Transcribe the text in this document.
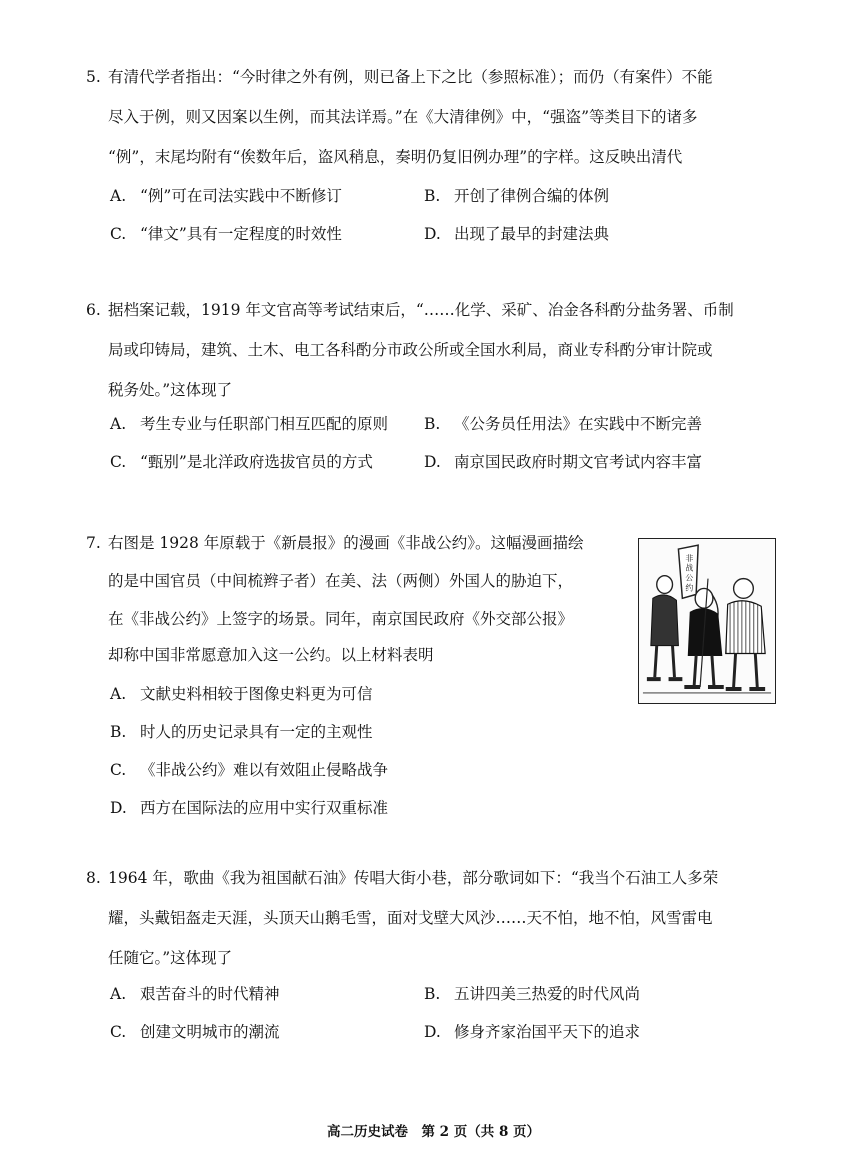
5. 有清代学者指出：“今时律之外有例，则已备上下之比（参照标准）；而仍（有案件）不能
尽入于例，则又因案以生例，而其法详焉。”在《大清律例》中，“强盗”等类目下的诸多
“例”，末尾均附有“俟数年后，盗风稍息，奏明仍复旧例办理”的字样。这反映出清代
A. “例”可在司法实践中不断修订	B. 开创了律例合编的体例
C. “律文”具有一定程度的时效性	D. 出现了最早的封建法典
6. 据档案记载，1919 年文官高等考试结束后，“……化学、采矿、冶金各科酌分盐务署、币制
局或印铸局，建筑、土木、电工各科酌分市政公所或全国水利局，商业专科酌分审计院或
税务处。”这体现了
A. 考生专业与任职部门相互匹配的原则 B. 《公务员任用法》在实践中不断完善
C. “甄别”是北洋政府选拔官员的方式	D. 南京国民政府时期文官考试内容丰富
7. 右图是 1928 年原载于《新晨报》的漫画《非战公约》。这幅漫画描绘
的是中国官员（中间梳辫子者）在美、法（两侧）外国人的胁迫下，
在《非战公约》上签字的场景。同年，南京国民政府《外交部公报》
却称中国非常愿意加入这一公约。以上材料表明
A. 文献史料相较于图像史料更为可信
B. 时人的历史记录具有一定的主观性
C. 《非战公约》难以有效阻止侵略战争
D. 西方在国际法的应用中实行双重标准
非战公约
8. 1964 年，歌曲《我为祖国献石油》传唱大街小巷，部分歌词如下：“我当个石油工人多荣
耀，头戴铝盔走天涯，头顶天山鹅毛雪，面对戈壁大风沙……天不怕，地不怕，风雪雷电
任随它。”这体现了
A. 艰苦奋斗的时代精神	B. 五讲四美三热爱的时代风尚
C. 创建文明城市的潮流	D. 修身齐家治国平天下的追求
高二历史试卷　第 2 页（共 8 页）
